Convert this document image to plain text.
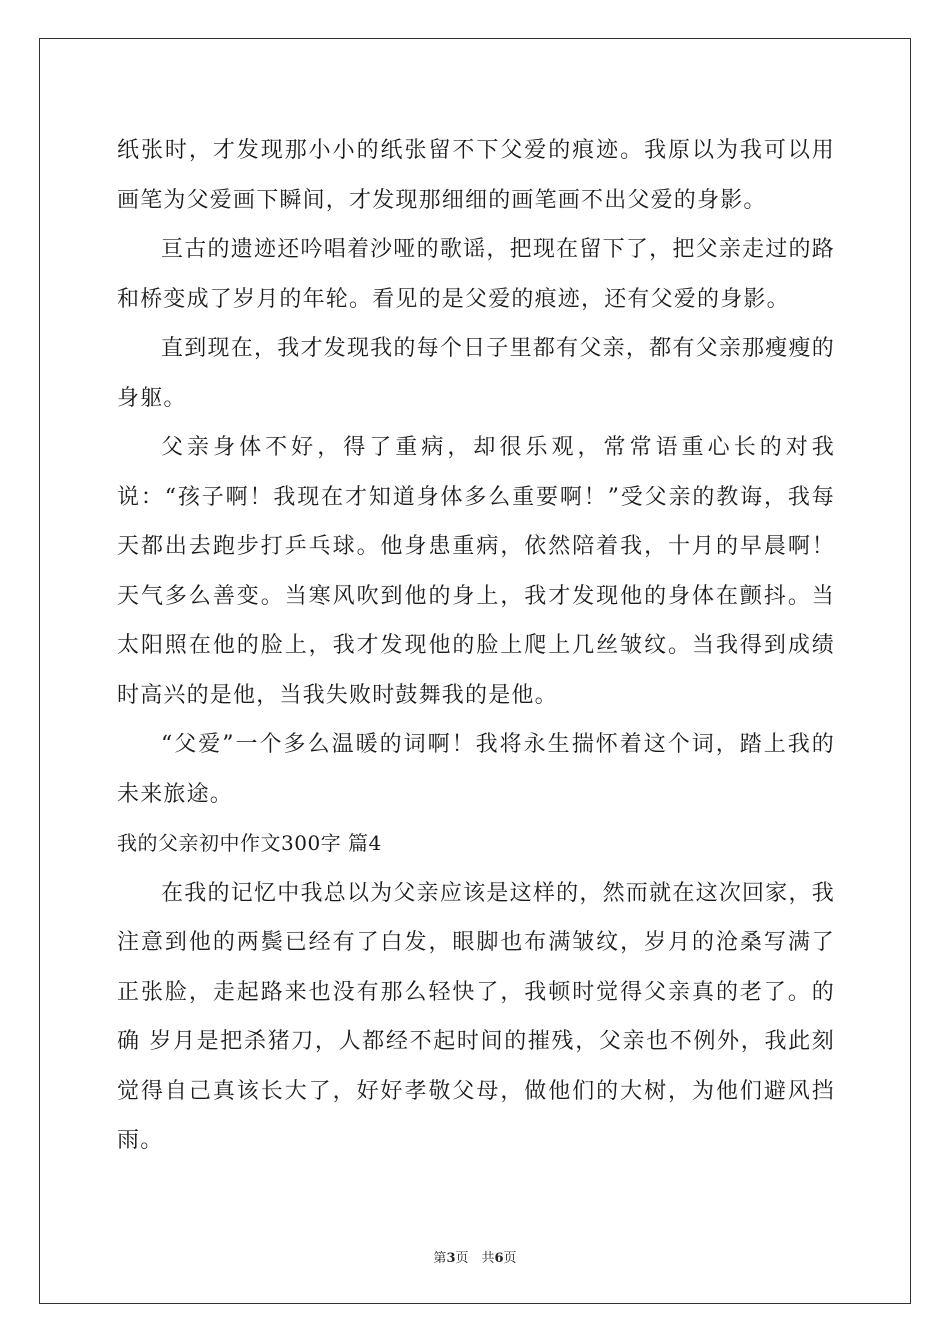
纸张时，才发现那小小的纸张留不下父爱的痕迹。我原以为我可以用画笔为父爱画下瞬间，才发现那细细的画笔画不出父爱的身影。

亘古的遗迹还吟唱着沙哑的歌谣，把现在留下了，把父亲走过的路和桥变成了岁月的年轮。看见的是父爱的痕迹，还有父爱的身影。

直到现在，我才发现我的每个日子里都有父亲，都有父亲那瘦瘦的身躯。

父亲身体不好，得了重病，却很乐观，常常语重心长的对我说：“孩子啊！我现在才知道身体多么重要啊！”受父亲的教诲，我每天都出去跑步打乒乓球。他身患重病，依然陪着我，十月的早晨啊！天气多么善变。当寒风吹到他的身上，我才发现他的身体在颤抖。当太阳照在他的脸上，我才发现他的脸上爬上几丝皱纹。当我得到成绩时高兴的是他，当我失败时鼓舞我的是他。

“父爱”一个多么温暖的词啊！我将永生揣怀着这个词，踏上我的未来旅途。

我的父亲初中作文300字 篇4

在我的记忆中我总以为父亲应该是这样的，然而就在这次回家，我注意到他的两鬓已经有了白发，眼脚也布满皱纹，岁月的沧桑写满了正张脸，走起路来也没有那么轻快了，我顿时觉得父亲真的老了。的确 岁月是把杀猪刀，人都经不起时间的摧残，父亲也不例外，我此刻觉得自己真该长大了，好好孝敬父母，做他们的大树，为他们避风挡雨。

第3页　共6页
